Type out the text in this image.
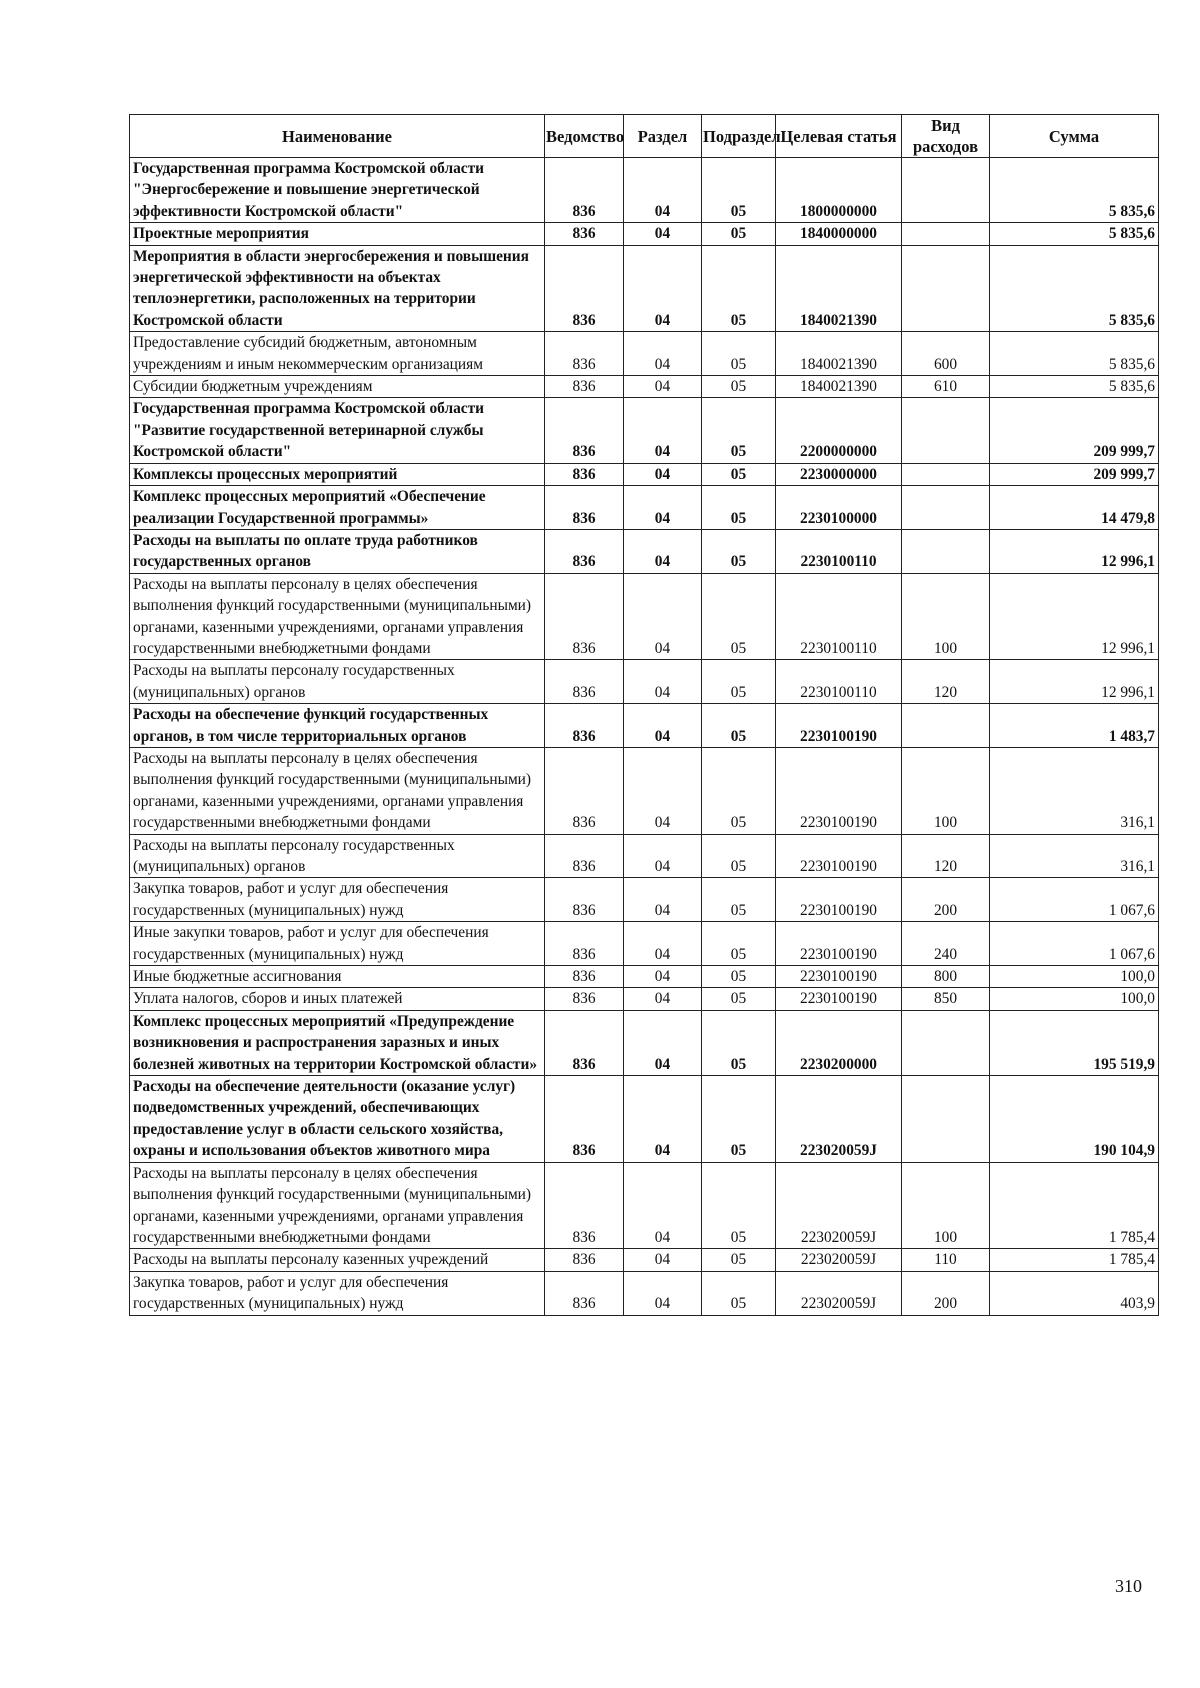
Наименование	Ведомство	Раздел	Подраздел	Целевая статья	Вид расходов	Сумма
Государственная программа Костромской области "Энергосбережение и повышение энергетической эффективности Костромской области"	836	04	05	1800000000		5 835,6
Проектные мероприятия	836	04	05	1840000000		5 835,6
Мероприятия в области энергосбережения и повышения энергетической эффективности на объектах теплоэнергетики, расположенных на территории Костромской области	836	04	05	1840021390		5 835,6
Предоставление субсидий бюджетным, автономным учреждениям и иным некоммерческим организациям	836	04	05	1840021390	600	5 835,6
Субсидии бюджетным учреждениям	836	04	05	1840021390	610	5 835,6
Государственная программа Костромской области "Развитие государственной ветеринарной службы Костромской области"	836	04	05	2200000000		209 999,7
Комплексы процессных мероприятий	836	04	05	2230000000		209 999,7
Комплекс процессных мероприятий «Обеспечение реализации Государственной программы»	836	04	05	2230100000		14 479,8
Расходы на выплаты по оплате труда работников государственных органов	836	04	05	2230100110		12 996,1
Расходы на выплаты персоналу в целях обеспечения выполнения функций государственными (муниципальными) органами, казенными учреждениями, органами управления государственными внебюджетными фондами	836	04	05	2230100110	100	12 996,1
Расходы на выплаты персоналу государственных (муниципальных) органов	836	04	05	2230100110	120	12 996,1
Расходы на обеспечение функций государственных органов, в том числе территориальных органов	836	04	05	2230100190		1 483,7
Расходы на выплаты персоналу в целях обеспечения выполнения функций государственными (муниципальными) органами, казенными учреждениями, органами управления государственными внебюджетными фондами	836	04	05	2230100190	100	316,1
Расходы на выплаты персоналу государственных (муниципальных) органов	836	04	05	2230100190	120	316,1
Закупка товаров, работ и услуг для обеспечения государственных (муниципальных) нужд	836	04	05	2230100190	200	1 067,6
Иные закупки товаров, работ и услуг для обеспечения государственных (муниципальных) нужд	836	04	05	2230100190	240	1 067,6
Иные бюджетные ассигнования	836	04	05	2230100190	800	100,0
Уплата налогов, сборов и иных платежей	836	04	05	2230100190	850	100,0
Комплекс процессных мероприятий «Предупреждение возникновения и распространения заразных и иных болезней животных на территории Костромской области»	836	04	05	2230200000		195 519,9
Расходы на обеспечение деятельности (оказание услуг) подведомственных учреждений, обеспечивающих предоставление услуг в области сельского хозяйства, охраны и использования объектов животного мира	836	04	05	223020059J		190 104,9
Расходы на выплаты персоналу в целях обеспечения выполнения функций государственными (муниципальными) органами, казенными учреждениями, органами управления государственными внебюджетными фондами	836	04	05	223020059J	100	1 785,4
Расходы на выплаты персоналу казенных учреждений	836	04	05	223020059J	110	1 785,4
Закупка товаров, работ и услуг для обеспечения государственных (муниципальных) нужд	836	04	05	223020059J	200	403,9
310
